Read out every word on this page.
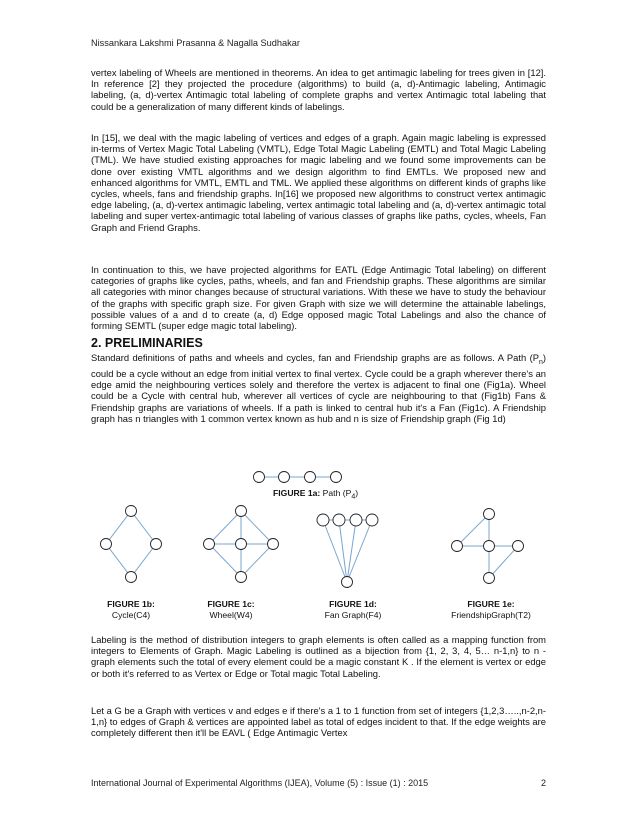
Nissankara Lakshmi Prasanna & Nagalla Sudhakar

vertex labeling of Wheels are mentioned in theorems. An idea to get antimagic labeling for trees given in [12]. In reference [2] they projected the procedure (algorithms) to build (a, d)-Antimagic labeling, Antimagic labeling, (a, d)-vertex Antimagic total labeling of complete graphs and vertex Antimagic total labeling that could be a generalization of many different kinds of labelings.

In [15], we deal with the magic labeling of vertices and edges of a graph. Again magic labeling is expressed in-terms of Vertex Magic Total Labeling (VMTL), Edge Total Magic Labeling (EMTL) and Total Magic Labeling (TML). We have studied existing approaches for magic labeling and we found some improvements can be done over existing VMTL algorithms and we design algorithm to find EMTLs. We proposed new and enhanced algorithms for VMTL, EMTL and TML. We applied these algorithms on different kinds of graphs like cycles, wheels, fans and friendship graphs. In[16] we proposed new algorithms to construct vertex antimagic edge labeling, (a, d)-vertex antimagic labeling, vertex antimagic total labeling and (a, d)-vertex antimagic total labeling and super vertex-antimagic total labeling of various classes of graphs like paths, cycles, wheels, Fan Graph and Friend Graphs.

In continuation to this, we have projected algorithms for EATL (Edge Antimagic Total labeling) on different categories of graphs like cycles, paths, wheels, and fan and Friendship graphs. These algorithms are similar all categories with minor changes because of structural variations. With these we have to study the behaviour of the graphs with specific graph size. For given Graph with size we will determine the attainable labelings, possible values of a and d to create (a, d) Edge opposed magic Total Labelings and also the chance of forming SEMTL (super edge magic total labeling).

2. PRELIMINARIES

Standard definitions of paths and wheels and cycles, fan and Friendship graphs are as follows. A Path $(P_n)$ could be a cycle without an edge from initial vertex to final vertex. Cycle could be a graph wherever there's an edge amid the neighbouring vertices solely and therefore the vertex is adjacent to final one (Fig1a). Wheel could be a Cycle with central hub, wherever all vertices of cycle are neighbouring to that (Fig1b) Fans & Friendship graphs are variations of wheels. If a path is linked to central hub it's a Fan (Fig1c). A Friendship graph has n triangles with 1 common vertex known as hub and n is size of Friendship graph (Fig 1d)

FIGURE 1a: Path $(P_4)$
FIGURE 1b:
Cycle(C4)
FIGURE 1c:
Wheel(W4)
FIGURE 1d:
Fan Graph(F4)
FIGURE 1e:
FriendshipGraph(T2)

Labeling is the method of distribution integers to graph elements is often called as a mapping function from integers to Elements of Graph. Magic Labeling is outlined as a bijection from {1, 2, 3, 4, 5… n-1,n} to n - graph elements such the total of every element could be a magic constant K . If the element is vertex or edge or both it's referred to as Vertex or Edge or Total magic Total Labeling.

Let a G be a Graph with vertices v and edges e if there's a 1 to 1 function from set of integers {1,2,3…..,n-2,n-1,n} to edges of Graph & vertices are appointed label as total of edges incident to that. If the edge weights are completely different then it'll be EAVL ( Edge Antimagic Vertex

International Journal of Experimental Algorithms (IJEA), Volume (5) : Issue (1) : 2015	2
